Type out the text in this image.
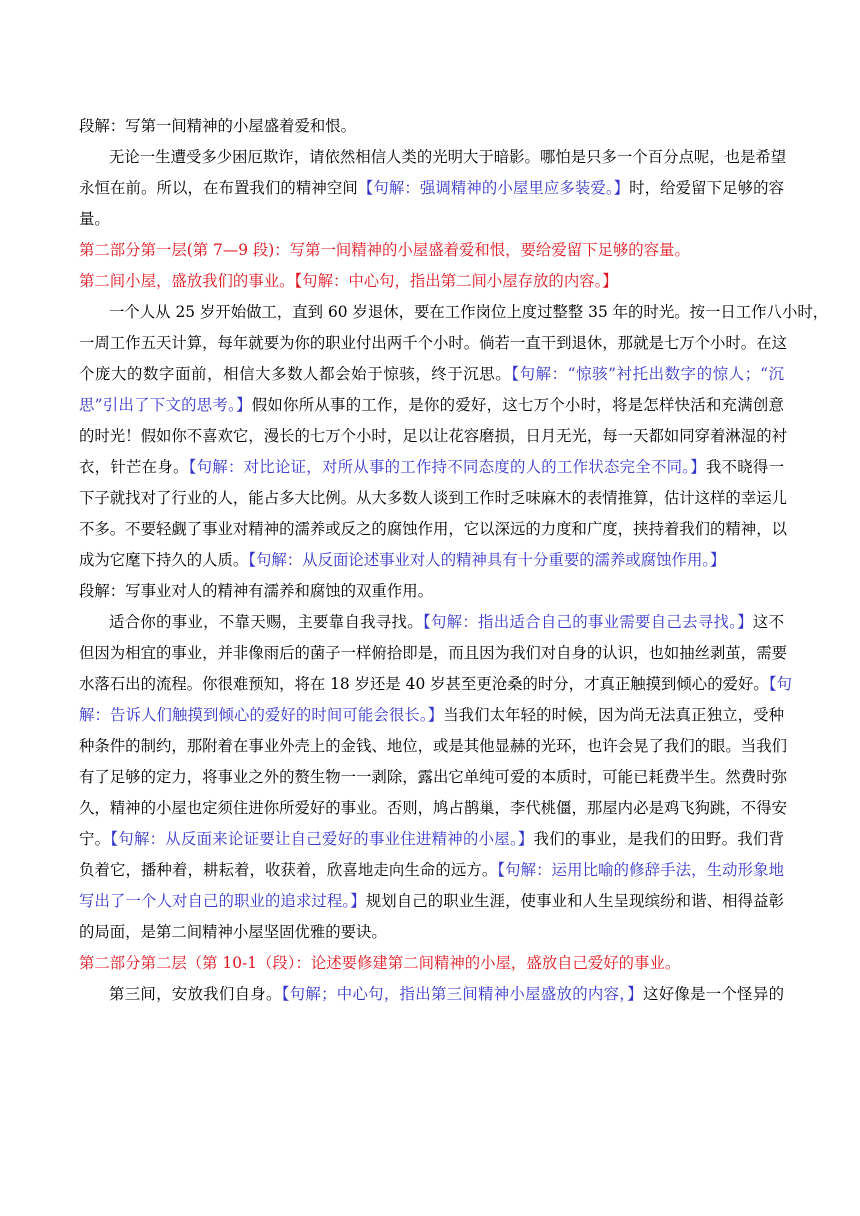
段解：写第一间精神的小屋盛着爱和恨。
无论一生遭受多少困厄欺诈，请依然相信人类的光明大于暗影。哪怕是只多一个百分点呢，也是希望
永恒在前。所以，在布置我们的精神空间【句解：强调精神的小屋里应多装爱。】时，给爱留下足够的容
量。
第二部分第一层(第 7—9 段)：写第一间精神的小屋盛着爱和恨，要给爱留下足够的容量。
第二间小屋，盛放我们的事业。【句解：中心句，指出第二间小屋存放的内容。】
一个人从 25 岁开始做工，直到 60 岁退休，要在工作岗位上度过整整 35 年的时光。按一日工作八小时，
一周工作五天计算，每年就要为你的职业付出两千个小时。倘若一直干到退休，那就是七万个小时。在这
个庞大的数字面前，相信大多数人都会始于惊骇，终于沉思。【句解：“惊骇”衬托出数字的惊人；“沉
思”引出了下文的思考。】假如你所从事的工作，是你的爱好，这七万个小时，将是怎样快活和充满创意
的时光！假如你不喜欢它，漫长的七万个小时，足以让花容磨损，日月无光，每一天都如同穿着淋湿的衬
衣，针芒在身。【句解：对比论证，对所从事的工作持不同态度的人的工作状态完全不同。】我不晓得一
下子就找对了行业的人，能占多大比例。从大多数人谈到工作时乏味麻木的表情推算，估计这样的幸运儿
不多。不要轻觑了事业对精神的濡养或反之的腐蚀作用，它以深远的力度和广度，挟持着我们的精神，以
成为它麾下持久的人质。【句解：从反面论述事业对人的精神具有十分重要的濡养或腐蚀作用。】
段解：写事业对人的精神有濡养和腐蚀的双重作用。
适合你的事业，不靠天赐，主要靠自我寻找。【句解：指出适合自己的事业需要自己去寻找。】这不
但因为相宜的事业，并非像雨后的菌子一样俯拾即是，而且因为我们对自身的认识，也如抽丝剥茧，需要
水落石出的流程。你很难预知，将在 18 岁还是 40 岁甚至更沧桑的时分，才真正触摸到倾心的爱好。【句
解：告诉人们触摸到倾心的爱好的时间可能会很长。】当我们太年轻的时候，因为尚无法真正独立，受种
种条件的制约，那附着在事业外壳上的金钱、地位，或是其他显赫的光环，也许会晃了我们的眼。当我们
有了足够的定力，将事业之外的赘生物一一剥除，露出它单纯可爱的本质时，可能已耗费半生。然费时弥
久，精神的小屋也定须住进你所爱好的事业。否则，鸠占鹊巢，李代桃僵，那屋内必是鸡飞狗跳，不得安
宁。【句解：从反面来论证要让自己爱好的事业住进精神的小屋。】我们的事业，是我们的田野。我们背
负着它，播种着，耕耘着，收获着，欣喜地走向生命的远方。【句解：运用比喻的修辞手法，生动形象地
写出了一个人对自己的职业的追求过程。】规划自己的职业生涯，使事业和人生呈现缤纷和谐、相得益彰
的局面，是第二间精神小屋坚固优雅的要诀。
第二部分第二层（第 10-1（段）：论述要修建第二间精神的小屋，盛放自己爱好的事业。
第三间，安放我们自身。【句解；中心句，指出第三间精神小屋盛放的内容，】这好像是一个怪异的
